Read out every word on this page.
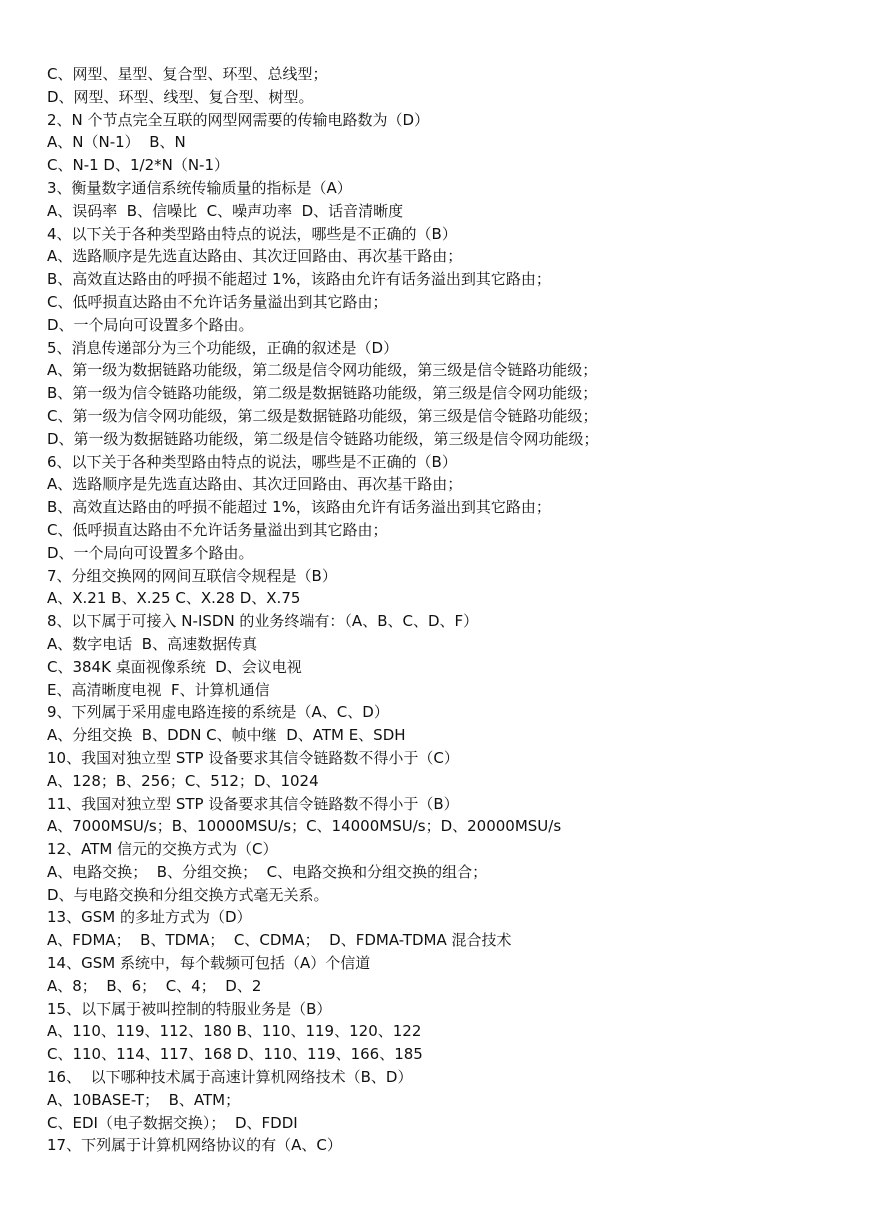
C、网型、星型、复合型、环型、总线型；
D、网型、环型、线型、复合型、树型。
2、N 个节点完全互联的网型网需要的传输电路数为（D）
A、N（N-1）  B、N
C、N-1 D、1/2*N（N-1）
3、衡量数字通信系统传输质量的指标是（A）
A、误码率  B、信噪比  C、噪声功率  D、话音清晰度
4、以下关于各种类型路由特点的说法，哪些是不正确的（B）
A、选路顺序是先选直达路由、其次迂回路由、再次基干路由；
B、高效直达路由的呼损不能超过 1%，该路由允许有话务溢出到其它路由；
C、低呼损直达路由不允许话务量溢出到其它路由；
D、一个局向可设置多个路由。
5、消息传递部分为三个功能级，正确的叙述是（D）
A、第一级为数据链路功能级，第二级是信令网功能级，第三级是信令链路功能级；
B、第一级为信令链路功能级，第二级是数据链路功能级，第三级是信令网功能级；
C、第一级为信令网功能级，第二级是数据链路功能级，第三级是信令链路功能级；
D、第一级为数据链路功能级，第二级是信令链路功能级，第三级是信令网功能级；
6、以下关于各种类型路由特点的说法，哪些是不正确的（B）
A、选路顺序是先选直达路由、其次迂回路由、再次基干路由；
B、高效直达路由的呼损不能超过 1%，该路由允许有话务溢出到其它路由；
C、低呼损直达路由不允许话务量溢出到其它路由；
D、一个局向可设置多个路由。
7、分组交换网的网间互联信令规程是（B）
A、X.21 B、X.25 C、X.28 D、X.75
8、以下属于可接入 N-ISDN 的业务终端有：（A、B、C、D、F）
A、数字电话  B、高速数据传真
C、384K 桌面视像系统  D、会议电视
E、高清晰度电视  F、计算机通信
9、下列属于采用虚电路连接的系统是（A、C、D）
A、分组交换  B、DDN C、帧中继  D、ATM E、SDH
10、我国对独立型 STP 设备要求其信令链路数不得小于（C）
A、128；B、256；C、512；D、1024
11、我国对独立型 STP 设备要求其信令链路数不得小于（B）
A、7000MSU/s；B、10000MSU/s；C、14000MSU/s；D、20000MSU/s
12、ATM 信元的交换方式为（C）
A、电路交换；  B、分组交换；  C、电路交换和分组交换的组合；
D、与电路交换和分组交换方式毫无关系。
13、GSM 的多址方式为（D）
A、FDMA；  B、TDMA；  C、CDMA；  D、FDMA-TDMA 混合技术
14、GSM 系统中，每个载频可包括（A）个信道
A、8；  B、6；  C、4；  D、2
15、以下属于被叫控制的特服业务是（B）
A、110、119、112、180 B、110、119、120、122
C、110、114、117、168 D、110、119、166、185
16、  以下哪种技术属于高速计算机网络技术（B、D）
A、10BASE-T；  B、ATM；
C、EDI（电子数据交换）；  D、FDDI
17、下列属于计算机网络协议的有（A、C）
